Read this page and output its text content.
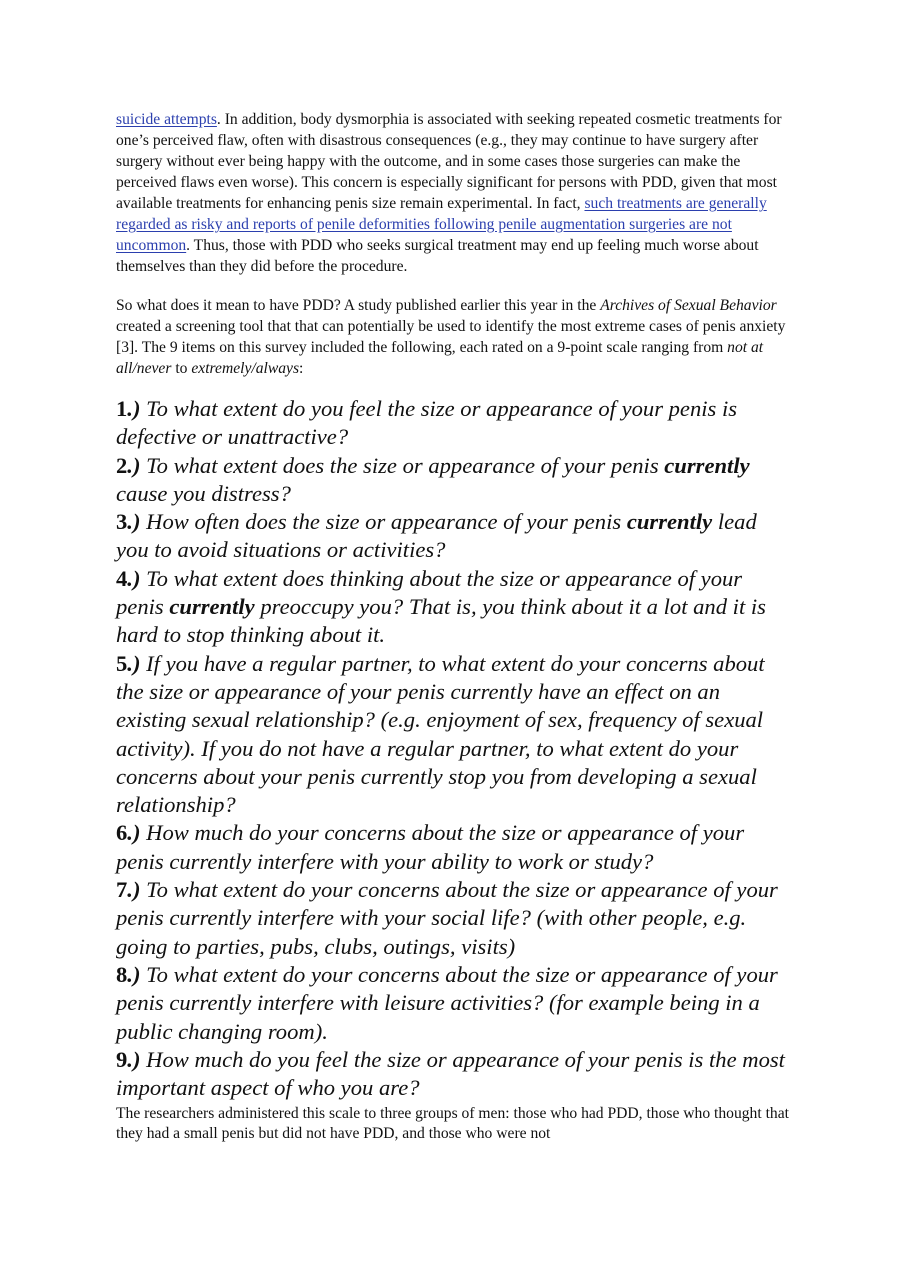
suicide attempts. In addition, body dysmorphia is associated with seeking repeated cosmetic treatments for one’s perceived flaw, often with disastrous consequences (e.g., they may continue to have surgery after surgery without ever being happy with the outcome, and in some cases those surgeries can make the perceived flaws even worse). This concern is especially significant for persons with PDD, given that most available treatments for enhancing penis size remain experimental. In fact, such treatments are generally regarded as risky and reports of penile deformities following penile augmentation surgeries are not uncommon. Thus, those with PDD who seeks surgical treatment may end up feeling much worse about themselves than they did before the procedure.

So what does it mean to have PDD? A study published earlier this year in the Archives of Sexual Behavior created a screening tool that that can potentially be used to identify the most extreme cases of penis anxiety [3]. The 9 items on this survey included the following, each rated on a 9-point scale ranging from not at all/never to extremely/always:

1.) To what extent do you feel the size or appearance of your penis is defective or unattractive?

2.) To what extent does the size or appearance of your penis currently cause you distress?

3.) How often does the size or appearance of your penis currently lead you to avoid situations or activities?

4.) To what extent does thinking about the size or appearance of your penis currently preoccupy you? That is, you think about it a lot and it is hard to stop thinking about it.

5.) If you have a regular partner, to what extent do your concerns about the size or appearance of your penis currently have an effect on an existing sexual relationship? (e.g. enjoyment of sex, frequency of sexual activity). If you do not have a regular partner, to what extent do your concerns about your penis currently stop you from developing a sexual relationship?

6.) How much do your concerns about the size or appearance of your penis currently interfere with your ability to work or study?

7.) To what extent do your concerns about the size or appearance of your penis currently interfere with your social life? (with other people, e.g. going to parties, pubs, clubs, outings, visits)

8.) To what extent do your concerns about the size or appearance of your penis currently interfere with leisure activities? (for example being in a public changing room).

9.) How much do you feel the size or appearance of your penis is the most important aspect of who you are?

The researchers administered this scale to three groups of men: those who had PDD, those who thought that they had a small penis but did not have PDD, and those who were not
